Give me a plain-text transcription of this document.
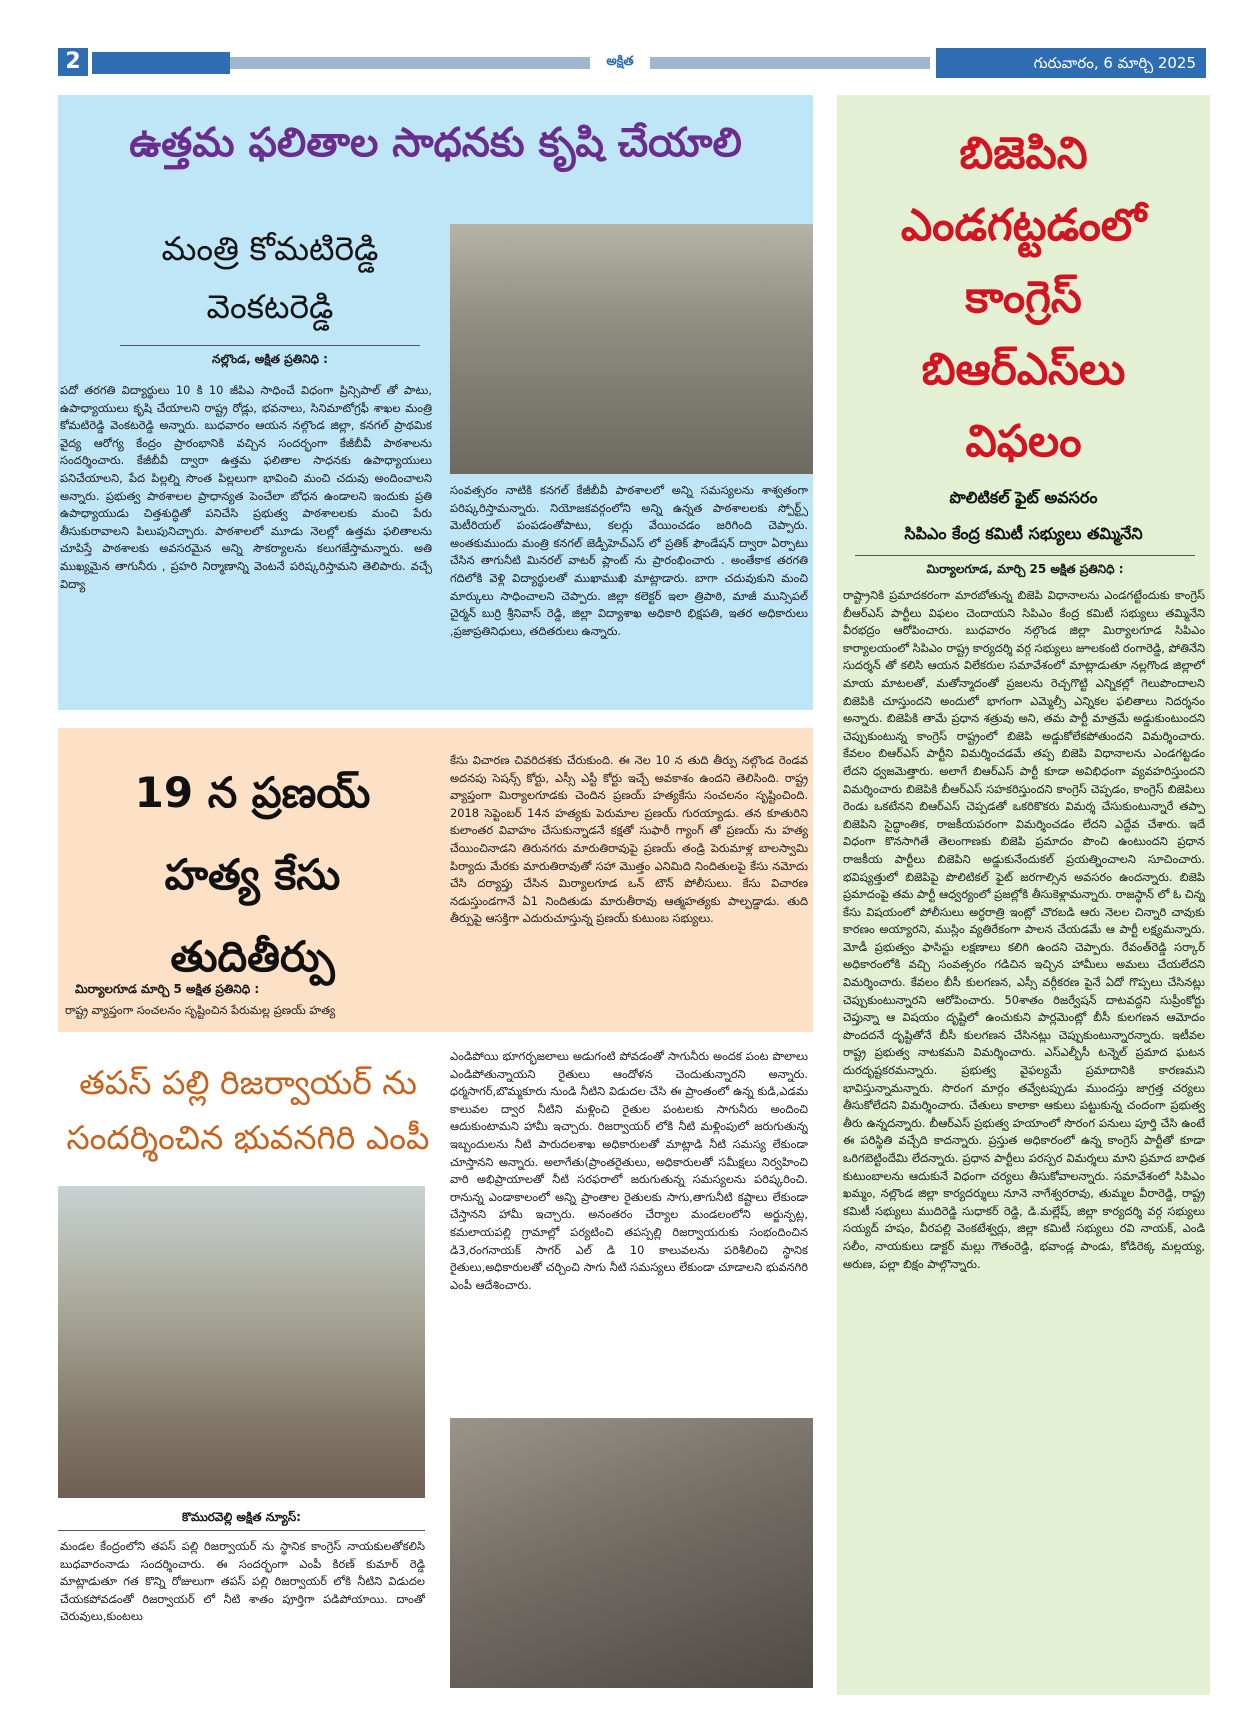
2	అక్షిత	గురువారం, 6 మార్చి 2025
ఉత్తమ ఫలితాల సాధనకు కృషి చేయాలి
మంత్రి కోమటిరెడ్డి
వెంకటరెడ్డి
నల్లొండ, అక్షిత ప్రతినిధి :
పదో తరగతి విద్యార్థులు 10 కి 10 జీపిఎ సాధించే విధంగా ప్రిన్సిపాల్ తో పాటు, ఉపాధ్యాయులు కృషి చేయాలని రాష్ట్ర రోడ్లు, భవనాలు, సినిమాటోగ్రఫీ శాఖల మంత్రి కోమటిరెడ్డి వెంకటరెడ్డి అన్నారు. బుధవారం ఆయన నల్గొండ జిల్లా, కనగల్ ప్రాథమిక వైద్య ఆరోగ్య కేంద్రం ప్రారంభానికి వచ్చిన సందర్భంగా కేజీబీవీ పాఠశాలను సందర్శించారు. కేజీబీవీ ద్వారా ఉత్తమ ఫలితాల సాధనకు ఉపాధ్యాయులు పనిచేయాలని, పేద పిల్లల్ని సొంత పిల్లలుగా భావించి మంచి చదువు అందించాలని అన్నారు. ప్రభుత్వ పాఠశాలల ప్రాధాన్యత పెంచేలా బోధన ఉండాలని ఇందుకు ప్రతి ఉపాధ్యాయుడు చిత్తశుద్ధితో పనిచేసి ప్రభుత్వ పాఠశాలలకు మంచి పేరు తీసుకురావాలని పిలుపునిచ్చారు. పాఠశాలలో మూడు నెలల్లో ఉత్తమ ఫలితాలను చూపిస్తే పాఠశాలకు అవసరమైన అన్ని సౌకర్యాలను కలుగజేస్తామన్నారు. అతి ముఖ్యమైన తాగునీరు , ప్రహరి నిర్మాణాన్ని వెంటనే పరిష్కరిస్తామని తెలిపారు. వచ్చే విద్యా
సంవత్సరం నాటికి కనగల్ కేజీబీవీ పాఠశాలలో అన్ని సమస్యలను శాశ్వతంగా పరిష్కరిస్తామన్నారు. నియోజకవర్గంలోని అన్ని ఉన్నత పాఠశాలలకు స్పోర్ట్స్ మెటీరియల్ పంపడంతోపాటు, కలర్లు వేయించడం జరిగింది చెప్పారు. అంతకుముందు మంత్రి కనగల్ జెడ్పీహెచ్ఎస్ లో ప్రతిక్ ఫౌండేషన్ ద్వారా ఏర్పాటు చేసిన తాగునీటి మినరల్ వాటర్ ప్లాంట్ ను ప్రారంభించారు . అంతేకాక తరగతి గదిలోకి వెళ్లి విద్యార్థులతో ముఖాముఖి మాట్లాడారు. బాగా చదువుకుని మంచి మార్కులు సాధించాలని చెప్పారు. జిల్లా కలెక్టర్ ఇలా త్రిపాఠి, మాజీ మున్సిపల్ చైర్మన్ బుర్రి శ్రీనివాస్ రెడ్డి, జిల్లా విద్యాశాఖ అధికారి భిక్షపతి, ఇతర అధికారులు ,ప్రజాప్రతినిధులు, తదితరులు ఉన్నారు.
19 న ప్రణయ్
హత్య కేసు
తుదితీర్పు
మిర్యాలగూడ మార్చి 5 అక్షిత ప్రతినిధి :
రాష్ట్ర వ్యాప్తంగా సంచలనం సృష్టించిన పేరుమల్ల ప్రణయ్ హత్య
కేసు విచారణ చివరిదశకు చేరుకుంది. ఈ నెల 10 న తుది తీర్పు నల్గొండ రెండవ అదనపు సెషన్స్ కోర్టు, ఎస్సీ ఎస్టీ కోర్టు ఇచ్చే అవకాశం ఉందని తెలిసింది. రాష్ట్ర వ్యాప్తంగా మిర్యాలగూడకు చెందిన ప్రణయ్ హత్యకేసు సంచలనం సృష్టించింది. 2018 సెప్టెంబర్ 14న హత్యకు పెరుమాల ప్రణయ్ గురయ్యాడు. తన కూతురిని కులాంతర వివాహం చేసుకున్నాడనే కక్షతో సుఫారీ గ్యాంగ్ తో ప్రణయ్ ను హత్య చేయించినాడని తిరునగరు మారుతిరావుపై ప్రణయ్ తండ్రి పెరుమాళ్ల బాలస్వామి పిర్యాదు మేరకు మారుతిరావుతో సహా మొత్తం ఎనిమిది నిందితులపై కేసు నమోదు చేసి దర్యాప్తు చేసిన మిర్యాలగూడ ఒన్ టౌన్ పోలీసులు. కేసు విచారణ నడుస్తుండగానే ఏ1 నిందితుడు మారుతీరావు ఆత్మహత్యకు పాల్పడ్డాడు. తుది తీర్పుపై ఆసక్తిగా ఎదురుచూస్తున్న ప్రణయ్ కుటుంబ సభ్యులు.
తపస్ పల్లి రిజర్వాయర్ ను
సందర్శించిన భువనగిరి ఎంపీ
కొమురవెల్లి అక్షిత న్యూస్:
మండల కేంద్రంలోని తపస్ పల్లి రిజర్వాయర్ ను స్థానిక కాంగ్రెస్ నాయకులతోకలిసి బుధవారంనాడు సందర్శించారు. ఈ సందర్భంగా ఎంపీ కిరణ్ కుమార్ రెడ్డి మాట్లాడుతూ గత కొన్ని రోజులుగా తపస్ పల్లి రిజర్వాయర్ లోకి నీటిని విడుదల చేయకపోవడంతో రిజర్వాయర్ లో నీటి శాతం పూర్తిగా పడిపోయాయి. దాంతో చెరువులు,కుంటలు
ఎండిపోయి భూగర్భజలాలు అడుగంటి పోవడంతో సాగునీరు అందక పంట పొలాలు ఎండిపోతున్నాయని రైతులు ఆందోళన చెందుతున్నారని అన్నారు. ధర్మసాగర్,బొమ్మకూరు నుండి నీటిని విడుదల చేసి ఈ ప్రాంతంలో ఉన్న కుడి,ఎడమ కాలువల ద్వార నీటిని మళ్లించి రైతుల పంటలకు సాగునీరు అందించి ఆదుకుంటామని హామీ ఇచ్చారు. రిజర్వాయర్ లోకి నీటి మళ్లింపులో జరుగుతున్న ఇబ్బందులను నీటి పారుదలశాఖ అధికారులతో మాట్లాడి నీటి సమస్య లేకుండా చూస్తానని అన్నారు. అలాగేతు(ప్రాంతరైతులు, అధికారులతో సమీక్షలు నిర్వహించి వారి అభిప్రాయాలతో నీటి సరఫరాలో జరుగుతున్న సమస్యలను పరిష్కరించి. రానున్న ఎండాకాలంలో అన్ని ప్రాంతాల రైతులకు సాగు,తాగునీటి కష్టాలు లేకుండా చేస్తానని హామీ ఇచ్చారు. అనంతరం చేర్యాల మండలంలోని అర్జున్పట్ల, కమలాయపల్లి గ్రామాల్లో పర్యటించి తపస్పల్లి రిజర్వాయరుకు సంభందించిన డి3,రంగనాయక్ సాగర్ ఎల్ డి 10 కాలువలను పరిశీలించి స్థానిక రైతులు,అధికారులతో చర్చించి సాగు నీటి సమస్యలు లేకుండా చూడాలని భువనగిరి ఎంపీ ఆదేశించారు.
బిజెపిని
ఎండగట్టడంలో
కాంగ్రెస్
బిఆర్ఎస్‌లు
విఫలం
పొలిటికల్ ఫైట్ అవసరం
సిపిఎం కేంద్ర కమిటీ సభ్యులు తమ్మినేని
మిర్యాలగూడ, మార్చి 25 అక్షిత ప్రతినిధి :
రాష్ట్రానికి ప్రమాదకరంగా మారబోతున్న బిజెపి విధానాలను ఎండగట్టేందుకు కాంగ్రెస్ బీఆర్ఎస్ పార్టీలు విఫలం చెందాయని సిపిఎం కేంద్ర కమిటీ సభ్యులు తమ్మినేని వీరభద్రం ఆరోపించారు. బుధవారం నల్గొండ జిల్లా మిర్యాలగూడ సిపిఎం కార్యాలయంలో సిపిఎం రాష్ట్ర కార్యదర్శి వర్గ సభ్యులు జూలకంటి రంగారెడ్డి, పోతినేని సుదర్శన్ తో కలిసి ఆయన విలేకరుల సమావేశంలో మాట్లాడుతూ నల్లగొండ జిల్లాలో మాయ మాటలతో, మతోన్మాదంతో ప్రజలను రెచ్చగొట్టి ఎన్నికల్లో గెలుపొందాలని బిజెపికి చూస్తుందని అందులో భాగంగా ఎమ్మెల్సీ ఎన్నికల ఫలితాలు నిదర్శనం అన్నారు. బిజెపికి తామే ప్రధాన శత్రువు అని, తమ పార్టీ మాత్రమే అడ్డుకుంటుందని చెప్పుకుంటున్న కాంగ్రెస్ రాష్ట్రంలో బిజెపి అడ్డుకోలేకపోతుందని విమర్శించారు. కేవలం బిఆర్ఎస్ పార్టీని విమర్శించడమే తప్ప బిజెపి విధానాలను ఎండగట్టడం లేదని ధ్వజమెత్తారు. అలాగే బిఆర్ఎస్ పార్టీ కూడా అవిభిధంగా వ్యవహరిస్తుందని విమర్శించారు బిజెపికి బీఆర్ఎస్ సహకరిస్తుందని కాంగ్రెస్ చెప్పడం, కాంగ్రెస్ బిజెపిలు రెండు ఒకటేనని బిఆర్ఎస్ చెప్పడతో ఒకరికొకరు విమర్శ చేసుకుంటున్నారే తప్పా బిజెపిని సైద్ధాంతిక, రాజకీయపరంగా విమర్శించడం లేదని ఎద్దేవ చేశారు. ఇదే విధంగా కొనసాగితే తెలంగాణకు బిజెపి ప్రమాదం పొంచి ఉంటుందని ప్రధాన రాజకీయ పార్టీలు బిజెపిని అడ్డుకునేందుకల్ ప్రయత్నించాలని సూచించారు. భవిష్యత్తులో బిజెపిపై పొలిటికల్ ఫైట్ జరగాల్సిన అవసరం ఉందన్నారు. బిజెపి ప్రమాదంపై తమ పార్టీ ఆధ్వర్యంలో ప్రజల్లోకి తీసుకెళ్లామన్నారు. రాజస్థాన్ లో ఓ చిన్న కేసు విషయంలో పోలీసులు అర్ధరాత్రి ఇంట్లో చొరబడి ఆరు నెలల చిన్నారి చావుకు కారణం అయ్యారని, ముస్లిం వ్యతిరేకంగా పాలన చేయడమే ఆ పార్టీ లక్ష్యమన్నారు. మోడీ ప్రభుత్వం ఫాసిస్టు లక్షణాలు కలిగి ఉందని చెప్పారు. రేవంత్‌రెడ్డి సర్కార్ అధికారంలోకి వచ్చి సంవత్సరం గడిచిన ఇచ్చిన హామీలు అమలు చేయలేదని విమర్శించారు. కేవలం బీసీ కులగణన, ఎస్సీ వర్గీకరణ పైనే ఏదో గొప్పలు చేసినట్లు చెప్పుకుంటున్నారని ఆరోపించారు. 50శాతం రిజర్వేషన్ దాటవద్దని సుప్రీంకోర్టు చెప్తున్నా ఆ విషయం దృష్టిలో ఉంచుకుని పార్లమెంట్లో బీసీ కులగణన ఆమోదం పొందదనే దృష్టితోనే బీసీ కులగణన చేసినట్లు చెప్పుకుంటున్నారన్నారు. ఇటీవల రాష్ట్ర ప్రభుత్వ నాటకమని విమర్శించారు. ఎస్ఎల్బీసీ టన్నెల్ ప్రమాద ఘటన దురదృష్టకరమన్నారు. ప్రభుత్వ వైఫల్యమే ప్రమాదానికి కారణమని భావిస్తున్నామన్నారు. సొరంగ మార్గం తవ్వేటప్పుడు ముందస్తు జాగ్రత్త చర్యలు తీసుకోలేదని విమర్శించారు. చేతులు కాలాకా ఆకులు పట్టుకున్న చందంగా ప్రభుత్వ తీరు ఉన్నదన్నారు. బీఆర్ఎస్ ప్రభుత్వ హయాంలో సొరంగ పనులు పూర్తి చేసి ఉంటే ఈ పరిస్థితి వచ్చేది కాదన్నారు. ప్రస్తుత అధికారంలో ఉన్న కాంగ్రెస్ పార్టీతో కూడా ఒరిగబెట్టిందేమి లేదన్నారు. ప్రధాన పార్టీలు పరస్పర విమర్శలు మాని ప్రమాద బాధిత కుటుంబాలను ఆదుకునే విధంగా చర్యలు తీసుకోవాలన్నారు. సమావేశంలో సిపిఎం ఖమ్మం, నల్లొండ జిల్లా కార్యదర్శులు నూనె నాగేశ్వరరావు, తుమ్మల వీరారెడ్డి, రాష్ట్ర కమిటీ సభ్యులు ముదిరెడ్డి సుధాకర్ రెడ్డి, డి.మల్లేష్, జిల్లా కార్యదర్శి వర్గ సభ్యులు సయ్యద్ హషం, వీరపల్లి వెంకటేశ్వర్లు, జిల్లా కమిటీ సభ్యులు రవి నాయక్, ఎండి సలీం, నాయకులు డాక్టర్ మల్లు గౌతంరెడ్డి, భవాండ్ల పాండు, కోడిరెక్క మల్లయ్య, అరుణ, పల్లా బిక్షం పాల్గొన్నారు.
